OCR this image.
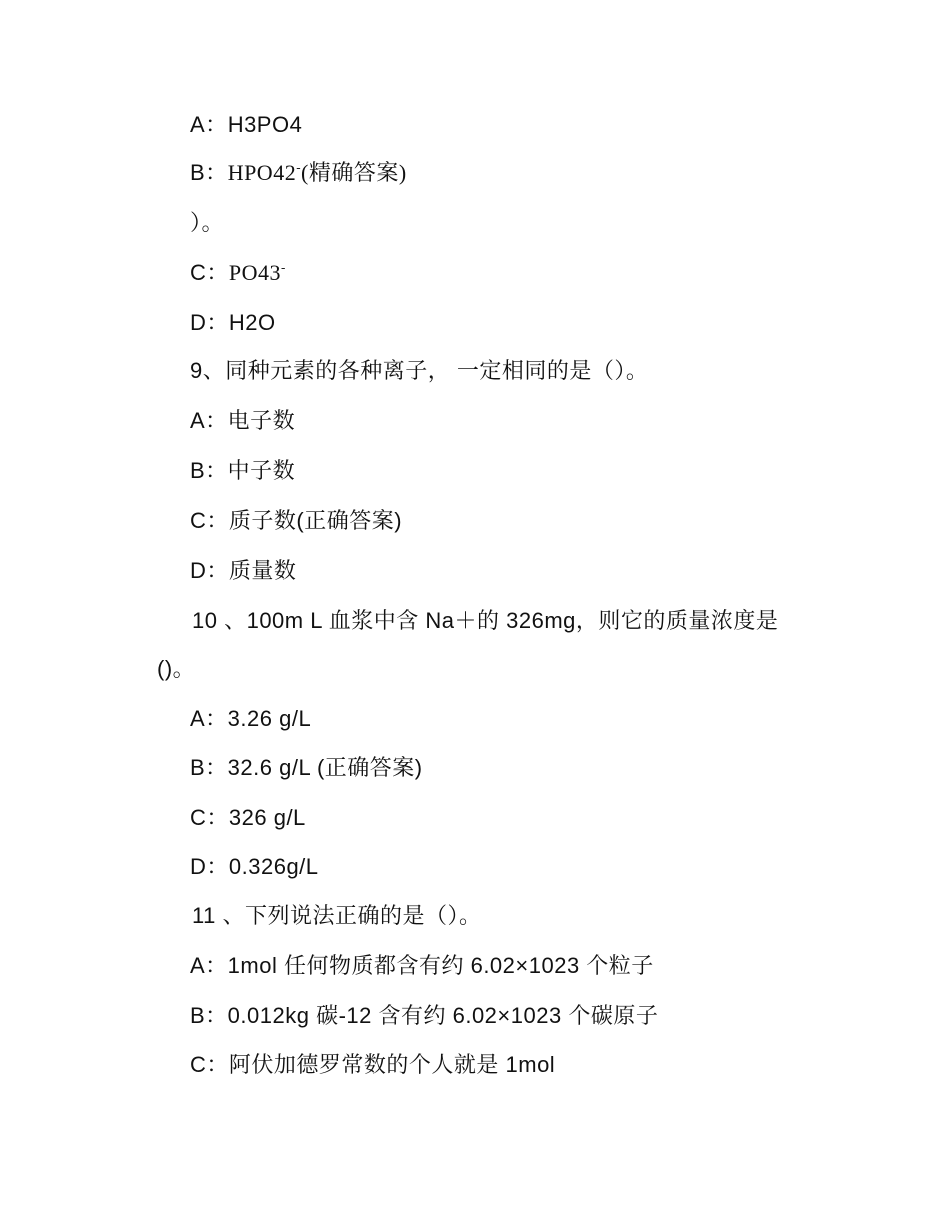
A：H3PO4
B：HPO42-(精确答案)
）。
C：PO43-
D：H2O
9、同种元素的各种离子， 一定相同的是（）。
A：电子数
B：中子数
C：质子数(正确答案)
D：质量数
10 、100m L 血浆中含 Na＋的 326mg，则它的质量浓度是
()。
A：3.26 g/L
B：32.6 g/L (正确答案)
C：326 g/L
D：0.326g/L
11 、下列说法正确的是（）。
A：1mol 任何物质都含有约 6.02×1023 个粒子
B：0.012kg 碳-12 含有约 6.02×1023 个碳原子
C：阿伏加德罗常数的个人就是 1mol
